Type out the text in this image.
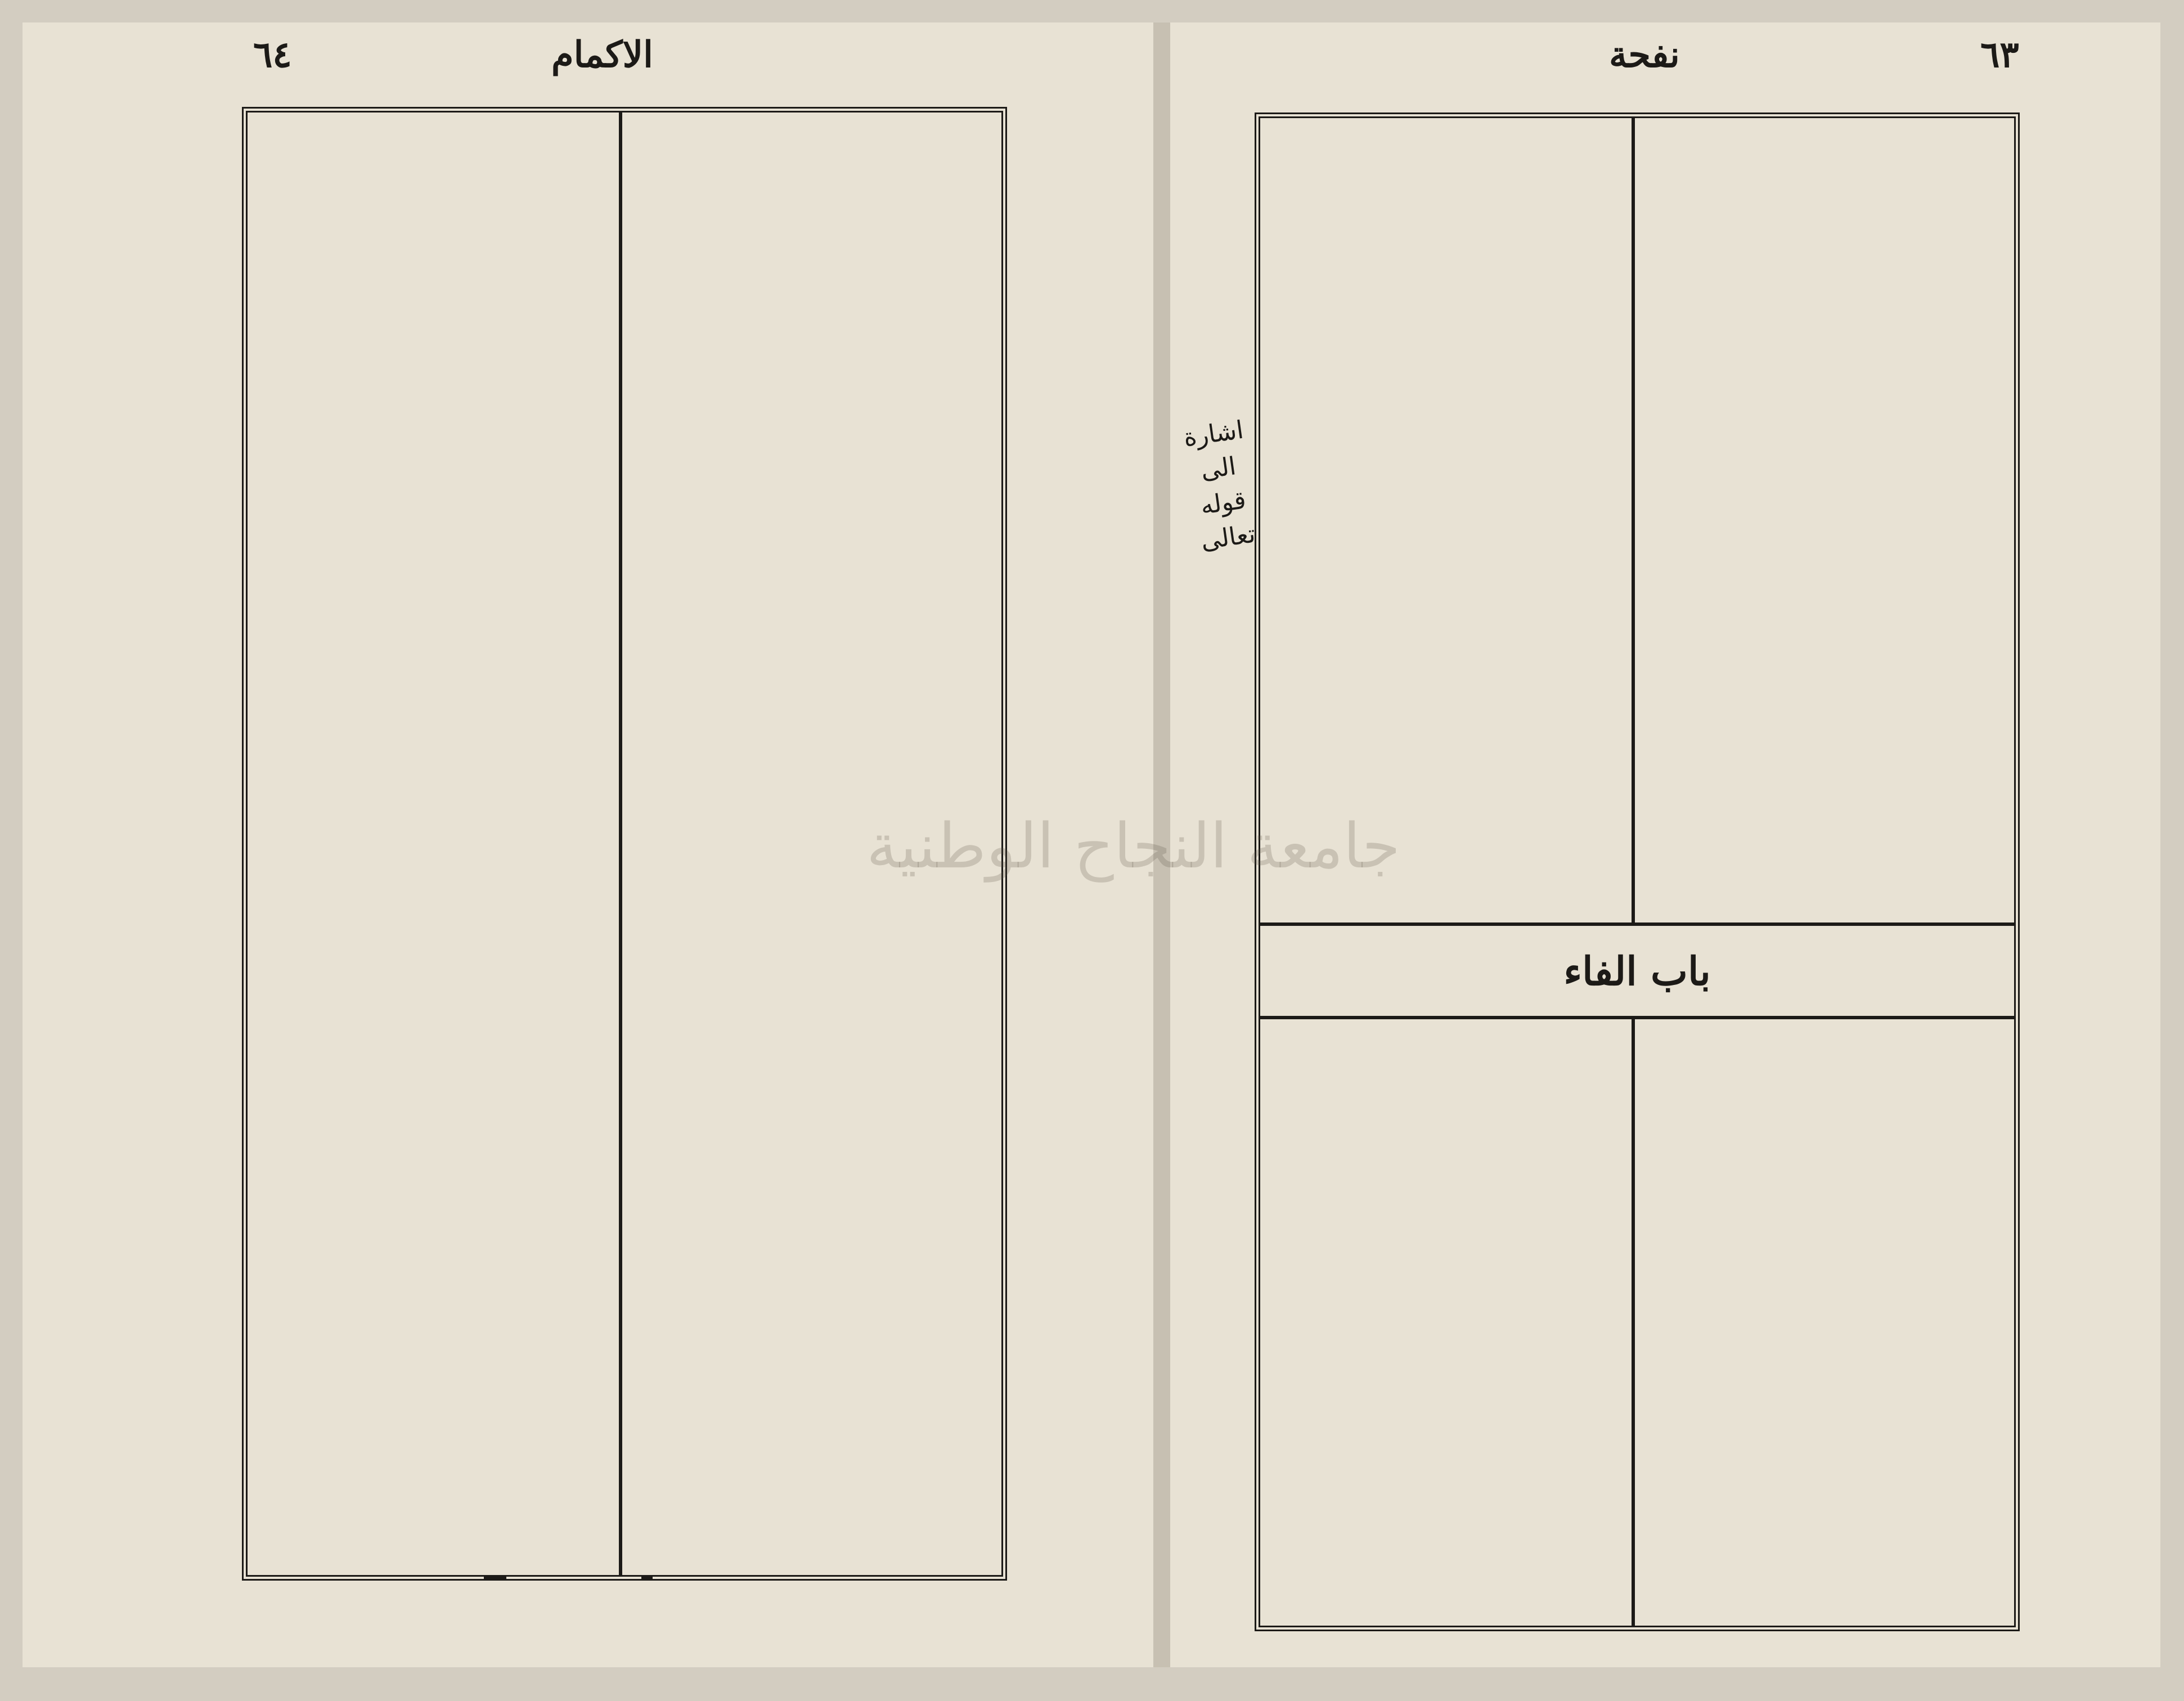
٦٤	الاكمام	نفحة	٦٣
باب الفاء
اشارة الى قوله تعالى
جامعة النجاح الوطنية
